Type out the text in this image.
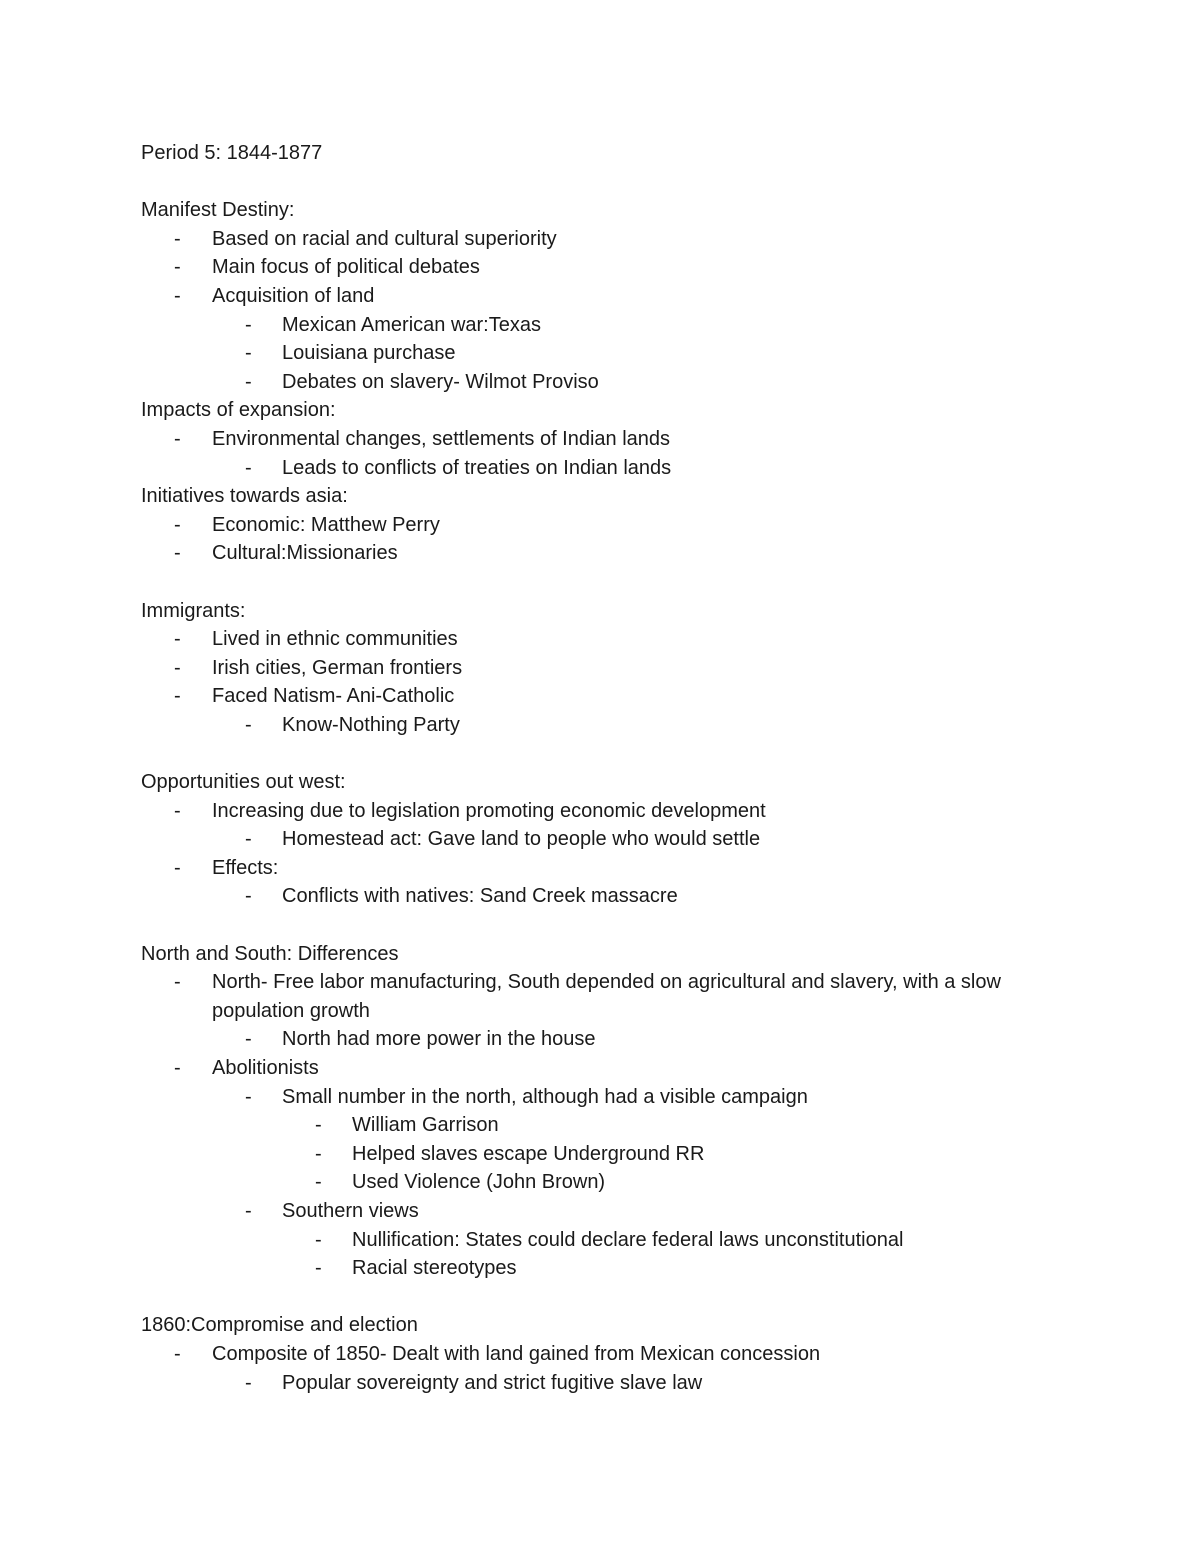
Period 5: 1844-1877
Manifest Destiny:
- Based on racial and cultural superiority
- Main focus of political debates
- Acquisition of land
- Mexican American war:Texas
- Louisiana purchase
- Debates on slavery- Wilmot Proviso
Impacts of expansion:
- Environmental changes, settlements of Indian lands
- Leads to conflicts of treaties on Indian lands
Initiatives towards asia:
- Economic: Matthew Perry
- Cultural:Missionaries
Immigrants:
- Lived in ethnic communities
- Irish cities, German frontiers
- Faced Natism- Ani-Catholic
- Know-Nothing Party
Opportunities out west:
- Increasing due to legislation promoting economic development
- Homestead act: Gave land to people who would settle
- Effects:
- Conflicts with natives: Sand Creek massacre
North and South: Differences
- North- Free labor manufacturing, South depended on agricultural and slavery, with a slow population growth
- North had more power in the house
- Abolitionists
- Small number in the north, although had a visible campaign
- William Garrison
- Helped slaves escape Underground RR
- Used Violence (John Brown)
- Southern views
- Nullification: States could declare federal laws unconstitutional
- Racial stereotypes
1860:Compromise and election
- Composite of 1850- Dealt with land gained from Mexican concession
- Popular sovereignty and strict fugitive slave law
